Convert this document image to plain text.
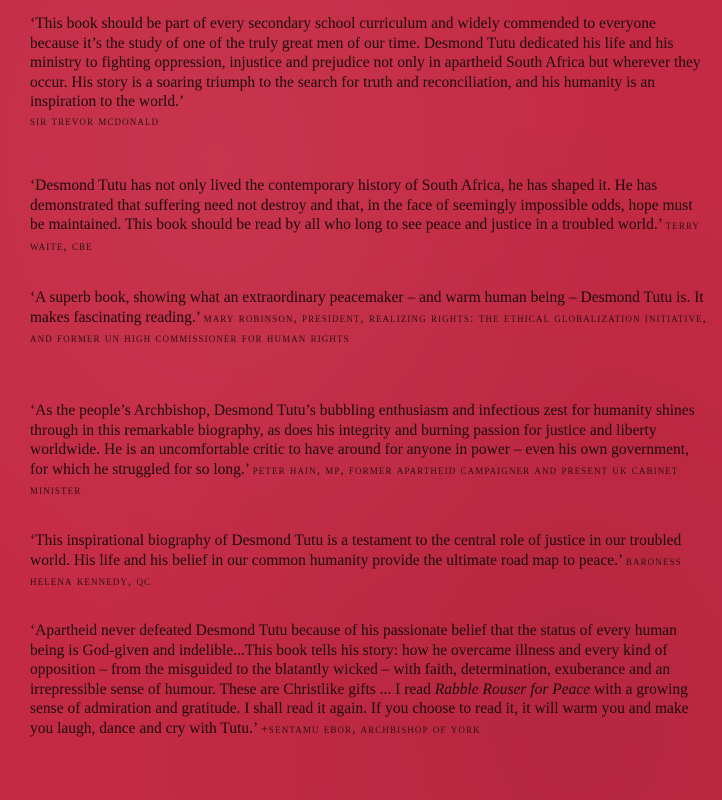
‘This book should be part of every secondary school curriculum and widely commended to everyone because it’s the study of one of the truly great men of our time. Desmond Tutu dedicated his life and his ministry to fighting oppression, injustice and prejudice not only in apartheid South Africa but wherever they occur. His story is a soaring triumph to the search for truth and reconciliation, and his humanity is an inspiration to the world.’
sir trevor mcdonald

‘Desmond Tutu has not only lived the contemporary history of South Africa, he has shaped it. He has demonstrated that suffering need not destroy and that, in the face of seemingly impossible odds, hope must be maintained. This book should be read by all who long to see peace and justice in a troubled world.’ terry waite, cbe

‘A superb book, showing what an extraordinary peacemaker – and warm human being – Desmond Tutu is. It makes fascinating reading.’ mary robinson, president, realizing rights: the ethical globalization initiative, and former un high commissioner for human rights

‘As the people’s Archbishop, Desmond Tutu’s bubbling enthusiasm and infectious zest for humanity shines through in this remarkable biography, as does his integrity and burning passion for justice and liberty worldwide. He is an uncomfortable critic to have around for anyone in power – even his own government, for which he struggled for so long.’ peter hain, mp, former apartheid campaigner and present uk cabinet minister

‘This inspirational biography of Desmond Tutu is a testament to the central role of justice in our troubled world. His life and his belief in our common humanity provide the ultimate road map to peace.’ baroness helena kennedy, qc

‘Apartheid never defeated Desmond Tutu because of his passionate belief that the status of every human being is God-given and indelible...This book tells his story: how he overcame illness and every kind of opposition – from the misguided to the blatantly wicked – with faith, determination, exuberance and an irrepressible sense of humour. These are Christlike gifts ... I read Rabble Rouser for Peace with a growing sense of admiration and gratitude. I shall read it again. If you choose to read it, it will warm you and make you laugh, dance and cry with Tutu.’ +sentamu ebor, archbishop of york
